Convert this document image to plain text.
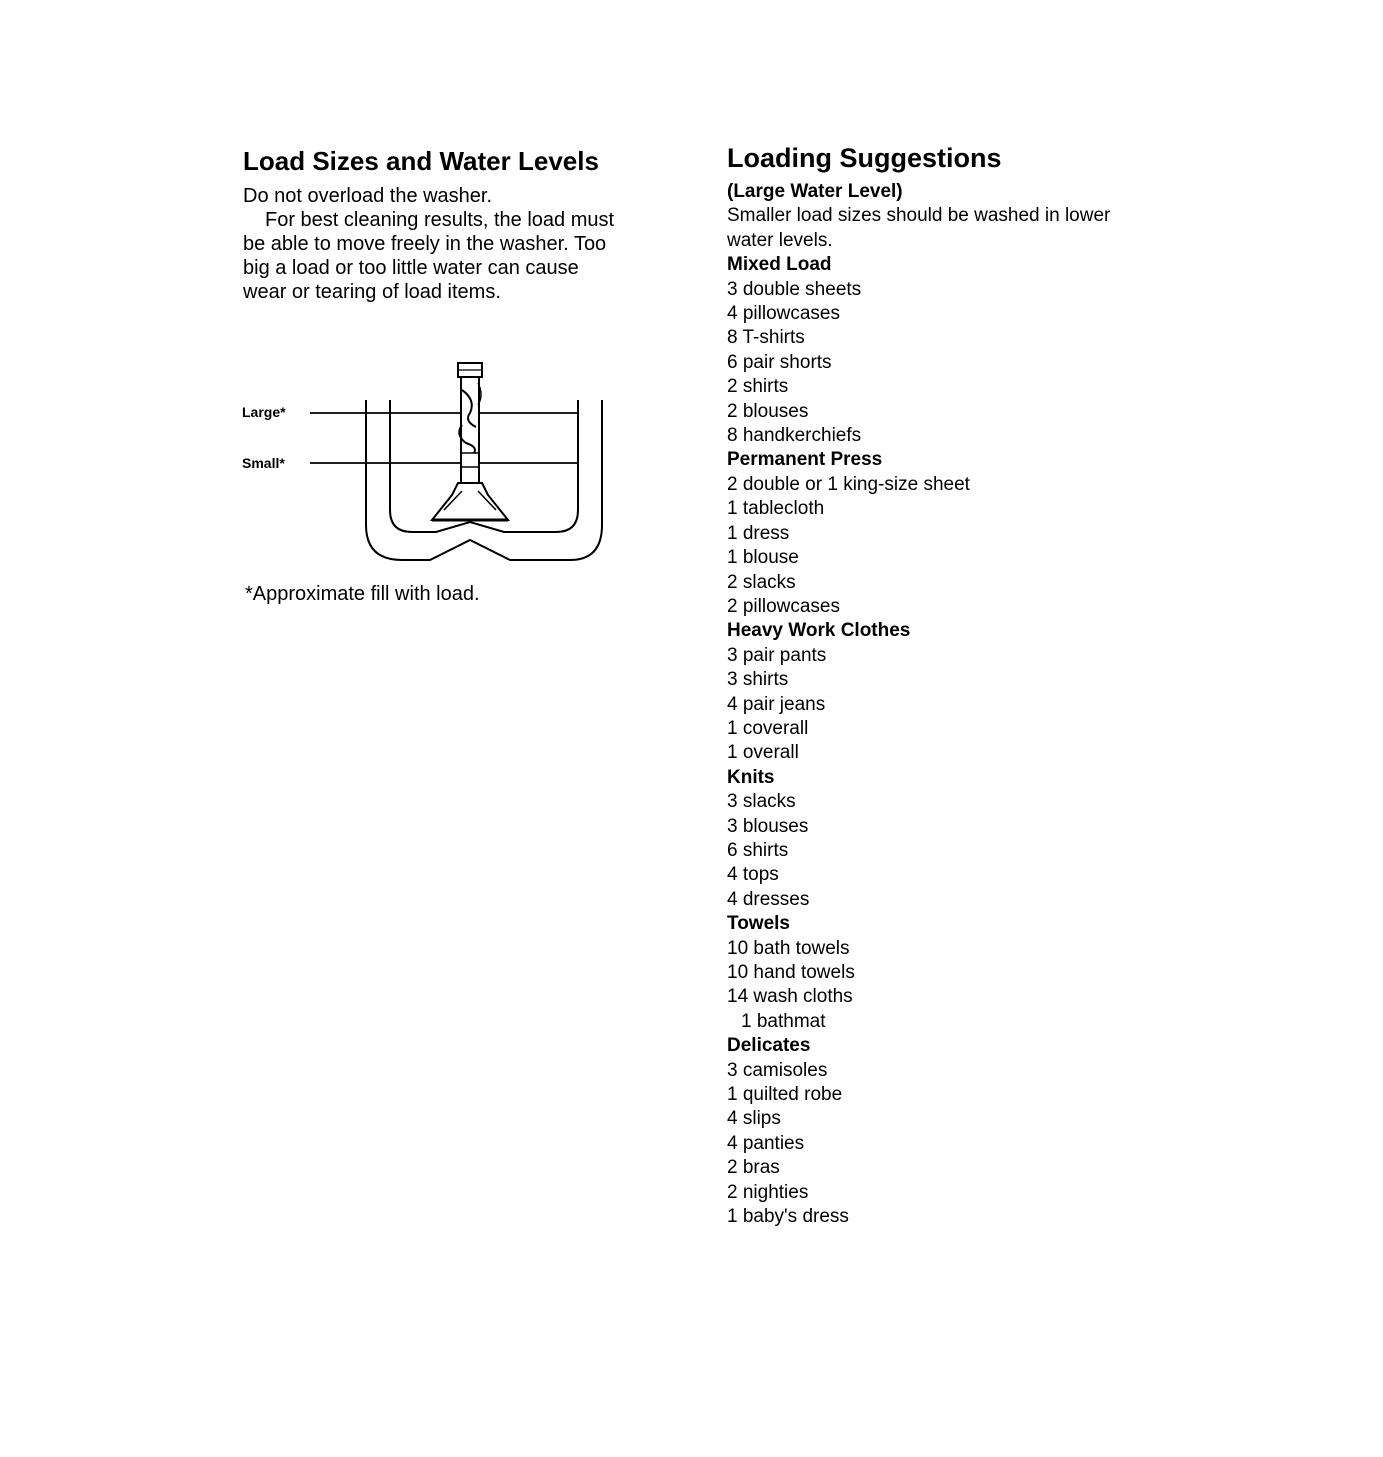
Load Sizes and Water Levels

Do not overload the washer.

For best cleaning results, the load must be able to move freely in the washer. Too big a load or too little water can cause wear or tearing of load items.

Large*
Small*

*Approximate fill with load.

Loading Suggestions

(Large Water Level)

Smaller load sizes should be washed in lower water levels.

Mixed Load

3 double sheets
4 pillowcases
8 T-shirts
6 pair shorts
2 shirts
2 blouses
8 handkerchiefs

Permanent Press

2 double or 1 king-size sheet
1 tablecloth
1 dress
1 blouse
2 slacks
2 pillowcases

Heavy Work Clothes

3 pair pants
3 shirts
4 pair jeans
1 coverall
1 overall

Knits

3 slacks
3 blouses
6 shirts
4 tops
4 dresses

Towels

10 bath towels
10 hand towels
14 wash cloths
1 bathmat

Delicates

3 camisoles
1 quilted robe
4 slips
4 panties
2 bras
2 nighties
1 baby's dress
